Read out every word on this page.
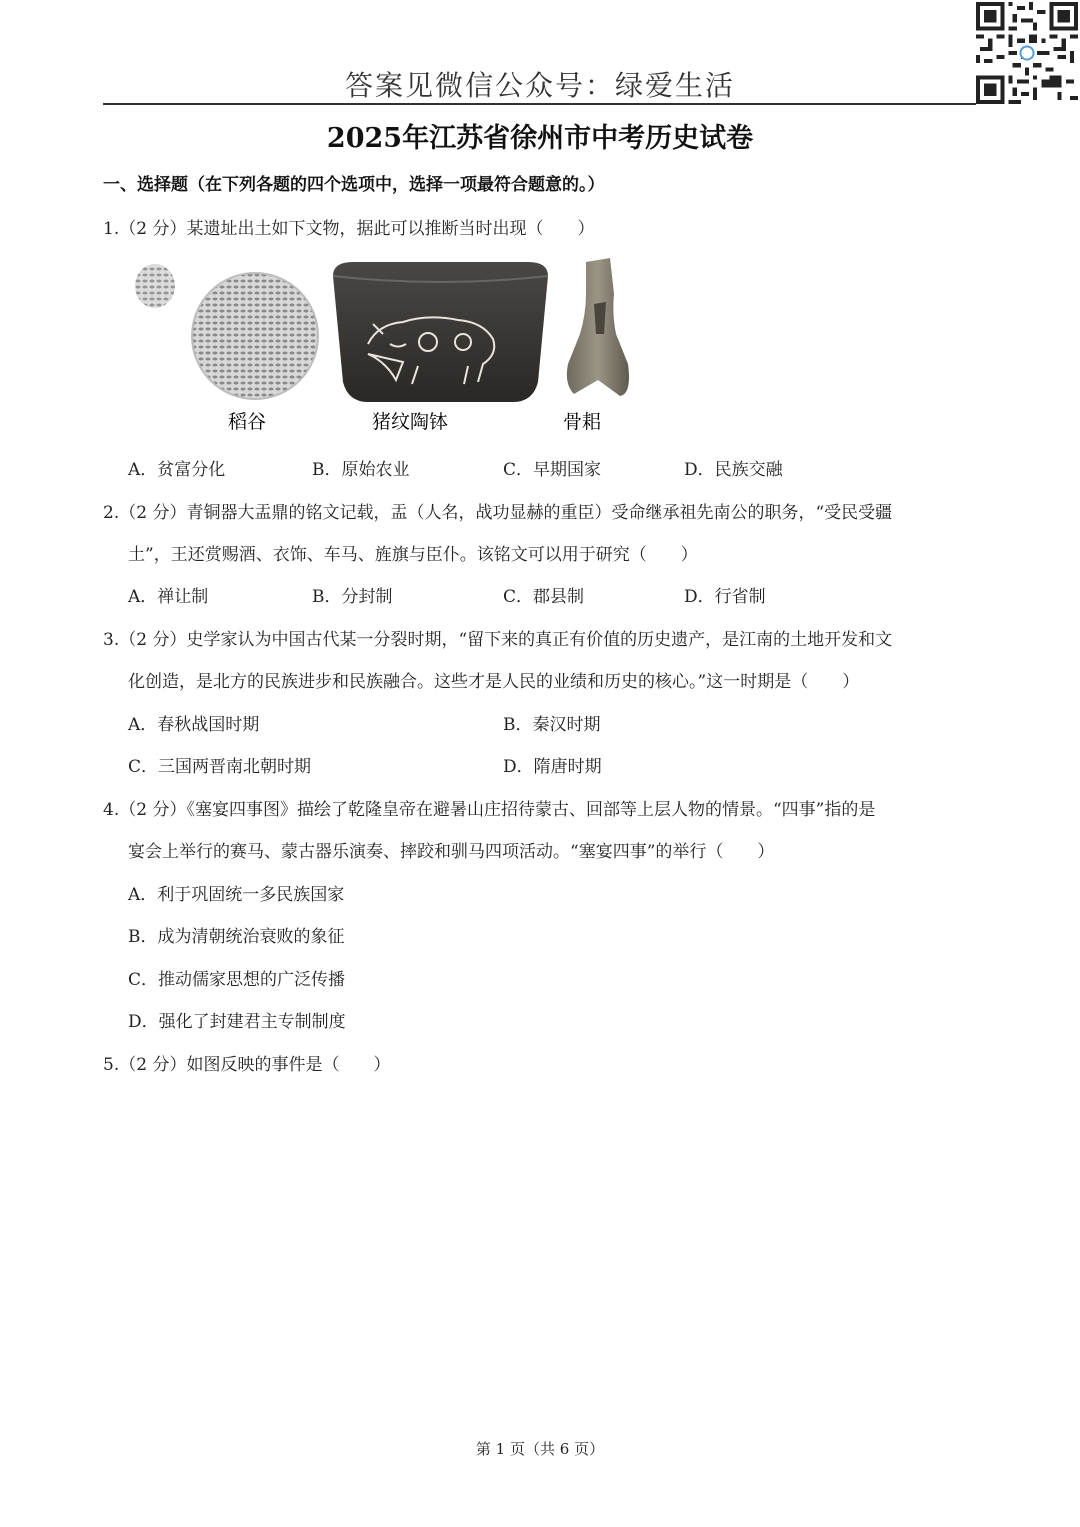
答案见微信公众号：绿爱生活
2025年江苏省徐州市中考历史试卷
一、选择题（在下列各题的四个选项中，选择一项最符合题意的。）
1.（2 分）某遗址出土如下文物，据此可以推断当时出现（　　）
稻谷	猪纹陶钵	骨耜
A．贫富分化	B．原始农业	C．早期国家	D．民族交融
2.（2 分）青铜器大盂鼎的铭文记载，盂（人名，战功显赫的重臣）受命继承祖先南公的职务，“受民受疆
土”，王还赏赐酒、衣饰、车马、旌旗与臣仆。该铭文可以用于研究（　　）
A．禅让制	B．分封制	C．郡县制	D．行省制
3.（2 分）史学家认为中国古代某一分裂时期，“留下来的真正有价值的历史遗产，是江南的土地开发和文
化创造，是北方的民族进步和民族融合。这些才是人民的业绩和历史的核心。”这一时期是（　　）
A．春秋战国时期	B．秦汉时期
C．三国两晋南北朝时期	D．隋唐时期
4.（2 分）《塞宴四事图》描绘了乾隆皇帝在避暑山庄招待蒙古、回部等上层人物的情景。“四事”指的是
宴会上举行的赛马、蒙古器乐演奏、摔跤和驯马四项活动。“塞宴四事”的举行（　　）
A．利于巩固统一多民族国家
B．成为清朝统治衰败的象征
C．推动儒家思想的广泛传播
D．强化了封建君主专制制度
5.（2 分）如图反映的事件是（　　）
第 1 页（共 6 页）
